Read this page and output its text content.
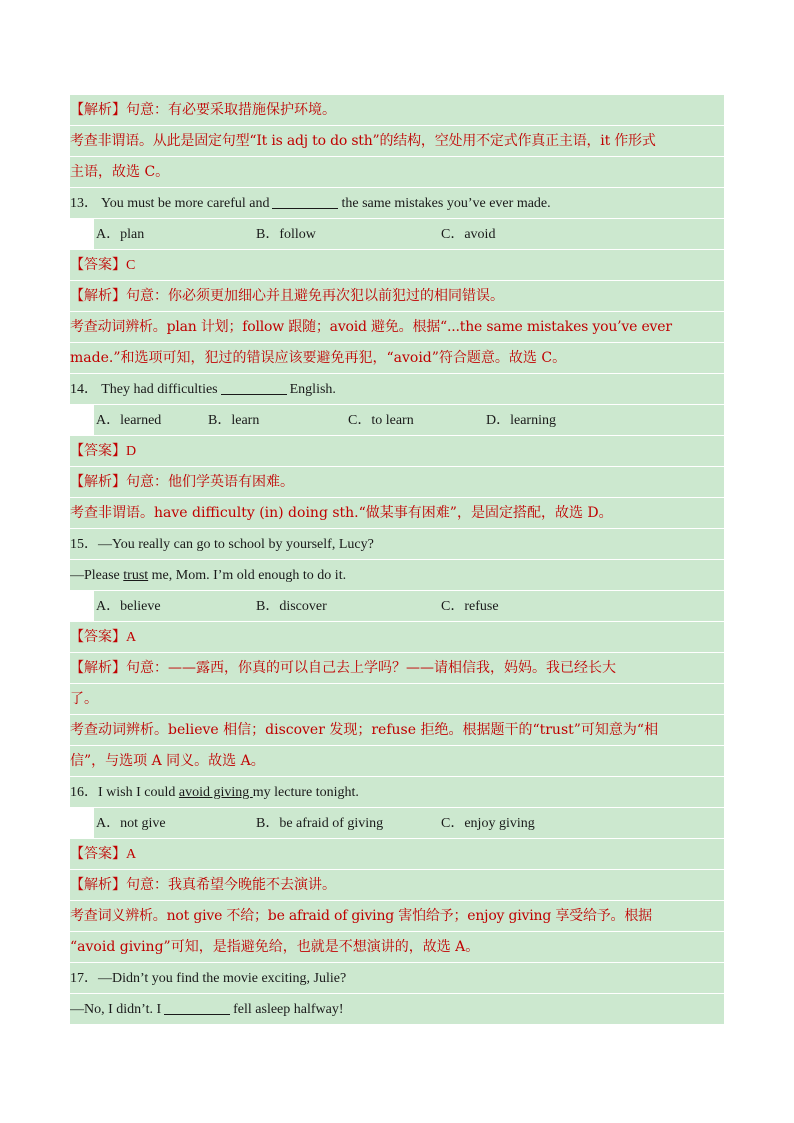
【解析】句意：有必要采取措施保护环境。
考查非谓语。从此是固定句型“It is adj to do sth”的结构，空处用不定式作真正主语，it 作形式
主语，故选 C。
13． You must be more careful and	the same mistakes you’ve ever made.
A．plan	B．follow	C．avoid
【答案】C
【解析】句意：你必须更加细心并且避免再次犯以前犯过的相同错误。
考查动词辨析。plan 计划；follow 跟随；avoid 避免。根据“...the same mistakes you’ve ever
made.”和选项可知，犯过的错误应该要避免再犯，“avoid”符合题意。故选 C。
14． They had difficulties	English.
A．learned	B．learn	C．to learn	D．learning
【答案】D
【解析】句意：他们学英语有困难。
考查非谓语。have difficulty (in) doing sth.“做某事有困难”，是固定搭配，故选 D。
15．—You really can go to school by yourself, Lucy?
—Please trust me, Mom. I’m old enough to do it.
A．believe	B．discover	C．refuse
【答案】A
【解析】句意：——露西，你真的可以自己去上学吗？——请相信我，妈妈。我已经长大
了。
考查动词辨析。believe 相信；discover 发现；refuse 拒绝。根据题干的“trust”可知意为“相
信”，与选项 A 同义。故选 A。
16．I wish I could avoid giving my lecture tonight.
A．not give	B．be afraid of giving	C．enjoy giving
【答案】A
【解析】句意：我真希望今晚能不去演讲。
考查词义辨析。not give 不给；be afraid of giving 害怕给予；enjoy giving 享受给予。根据
“avoid giving”可知，是指避免给，也就是不想演讲的，故选 A。
17．—Didn’t you find the movie exciting, Julie?
—No, I didn’t. I	fell asleep halfway!
